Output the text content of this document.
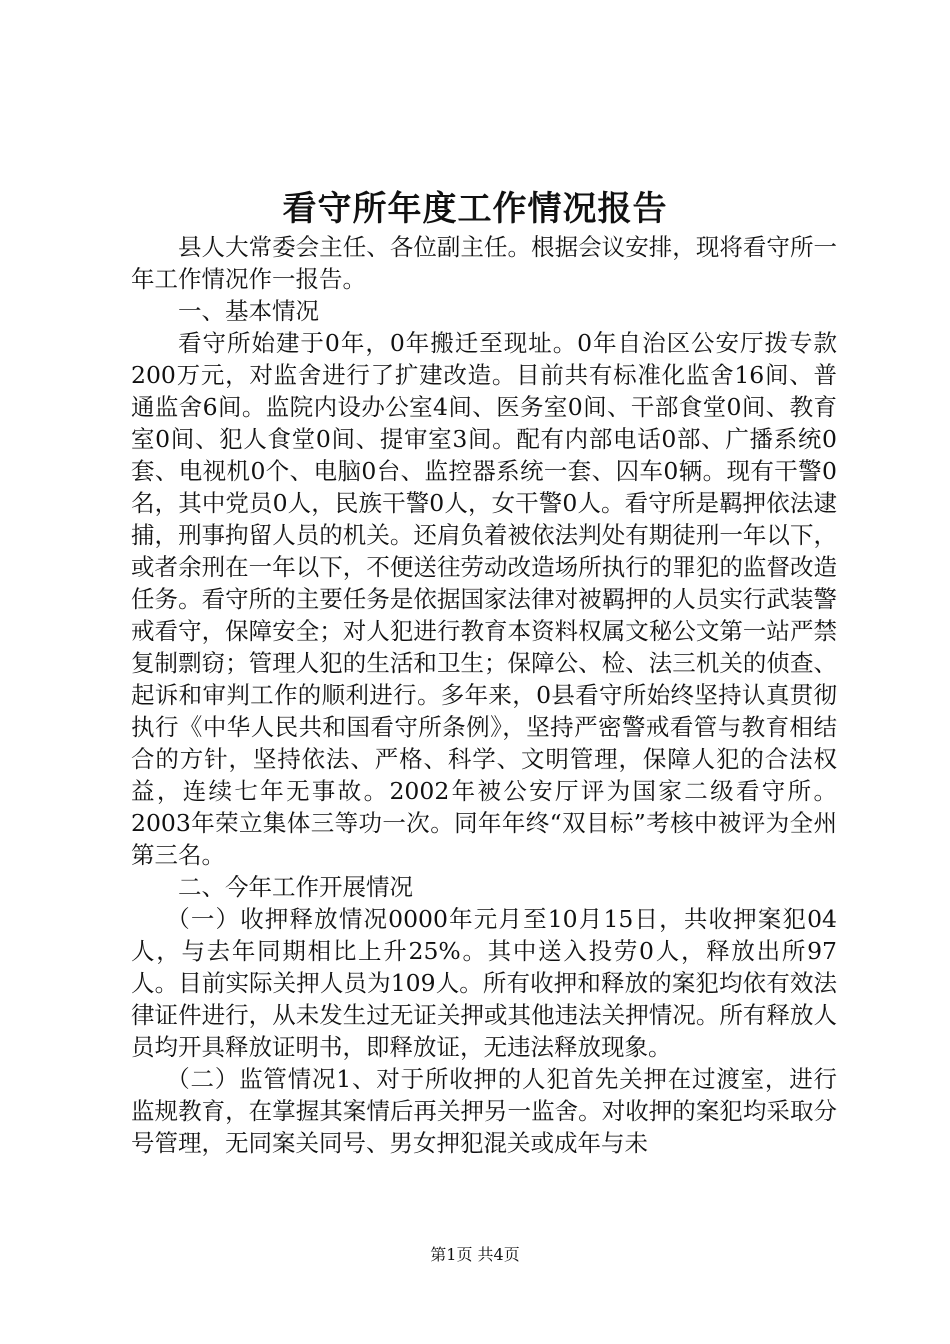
看守所年度工作情况报告

县人大常委会主任、各位副主任。根据会议安排，现将看守所一年工作情况作一报告。

一、基本情况

看守所始建于0年，0年搬迁至现址。0年自治区公安厅拨专款200万元，对监舍进行了扩建改造。目前共有标准化监舍16间、普通监舍6间。监院内设办公室4间、医务室0间、干部食堂0间、教育室0间、犯人食堂0间、提审室3间。配有内部电话0部、广播系统0套、电视机0个、电脑0台、监控器系统一套、囚车0辆。现有干警0名，其中党员0人，民族干警0人，女干警0人。看守所是羁押依法逮捕，刑事拘留人员的机关。还肩负着被依法判处有期徒刑一年以下，或者余刑在一年以下，不便送往劳动改造场所执行的罪犯的监督改造任务。看守所的主要任务是依据国家法律对被羁押的人员实行武装警戒看守，保障安全；对人犯进行教育本资料权属文秘公文第一站严禁复制剽窃；管理人犯的生活和卫生；保障公、检、法三机关的侦查、起诉和审判工作的顺利进行。多年来，0县看守所始终坚持认真贯彻执行《中华人民共和国看守所条例》，坚持严密警戒看管与教育相结合的方针，坚持依法、严格、科学、文明管理，保障人犯的合法权益，连续七年无事故。2002年被公安厅评为国家二级看守所。2003年荣立集体三等功一次。同年年终“双目标”考核中被评为全州第三名。

二、今年工作开展情况

（一）收押释放情况0000年元月至10月15日，共收押案犯04人，与去年同期相比上升25%。其中送入投劳0人，释放出所97人。目前实际关押人员为109人。所有收押和释放的案犯均依有效法律证件进行，从未发生过无证关押或其他违法关押情况。所有释放人员均开具释放证明书，即释放证，无违法释放现象。

（二）监管情况1、对于所收押的人犯首先关押在过渡室，进行监规教育，在掌握其案情后再关押另一监舍。对收押的案犯均采取分号管理，无同案关同号、男女押犯混关或成年与未

第1页 共4页
